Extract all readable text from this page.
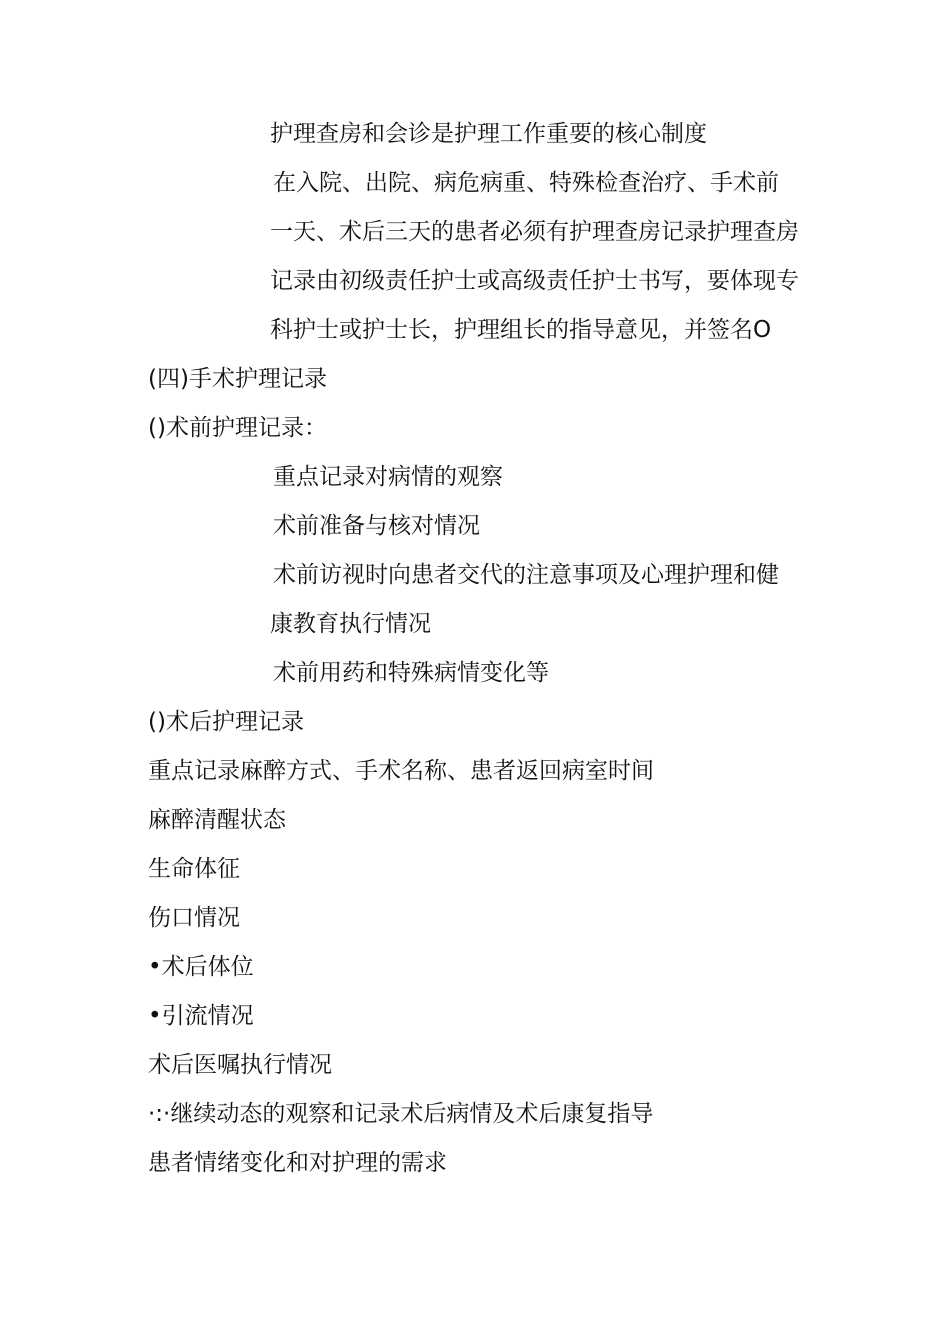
护理查房和会诊是护理工作重要的核心制度
在入院、出院、病危病重、特殊检查治疗、手术前
一天、术后三天的患者必须有护理查房记录护理查房
记录由初级责任护士或高级责任护士书写，要体现专
科护士或护士长，护理组长的指导意见，并签名O
(四)手术护理记录
()术前护理记录：
重点记录对病情的观察
术前准备与核对情况
术前访视时向患者交代的注意事项及心理护理和健
康教育执行情况
术前用药和特殊病情变化等
()术后护理记录
重点记录麻醉方式、手术名称、患者返回病室时间
麻醉清醒状态
生命体征
伤口情况
•术后体位
•引流情况
术后医嘱执行情况
·:·继续动态的观察和记录术后病情及术后康复指导
患者情绪变化和对护理的需求
